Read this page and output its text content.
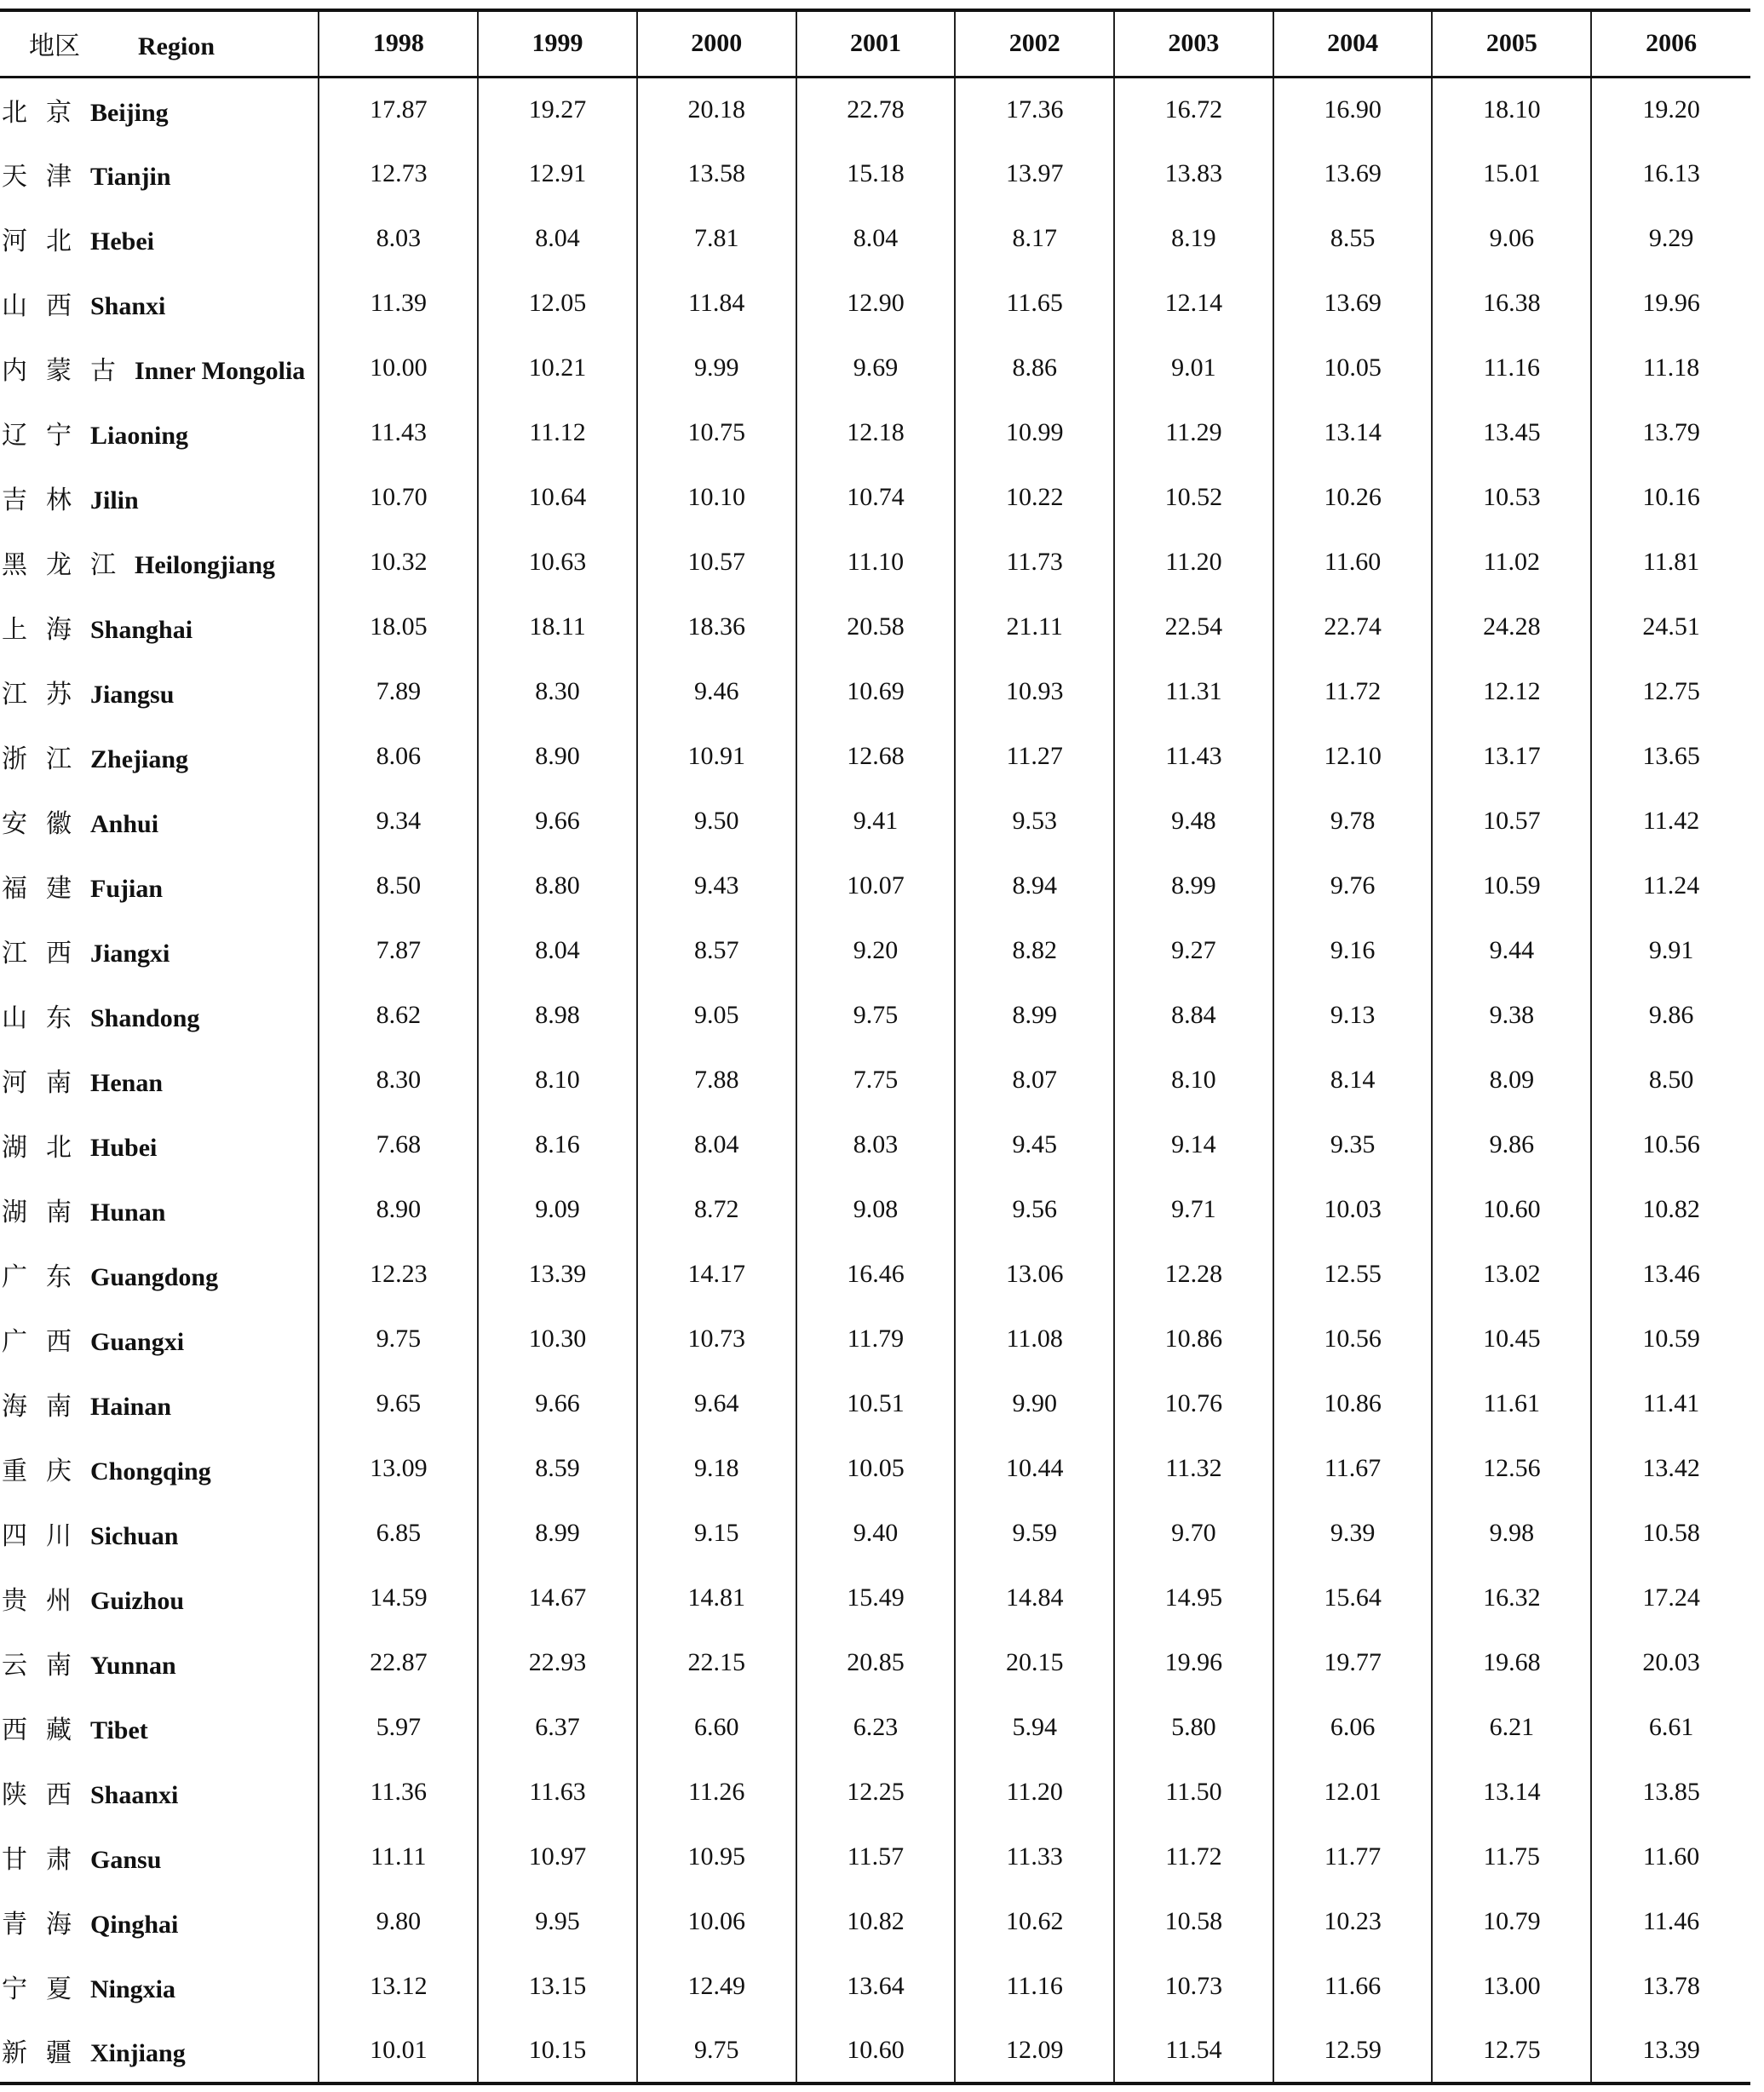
地区 Region	1998	1999	2000	2001	2002	2003	2004	2005	2006
北京Beijing	17.87	19.27	20.18	22.78	17.36	16.72	16.90	18.10	19.20
天津Tianjin	12.73	12.91	13.58	15.18	13.97	13.83	13.69	15.01	16.13
河北Hebei	8.03	8.04	7.81	8.04	8.17	8.19	8.55	9.06	9.29
山西Shanxi	11.39	12.05	11.84	12.90	11.65	12.14	13.69	16.38	19.96
内蒙古Inner Mongolia	10.00	10.21	9.99	9.69	8.86	9.01	10.05	11.16	11.18
辽宁Liaoning	11.43	11.12	10.75	12.18	10.99	11.29	13.14	13.45	13.79
吉林Jilin	10.70	10.64	10.10	10.74	10.22	10.52	10.26	10.53	10.16
黑龙江Heilongjiang	10.32	10.63	10.57	11.10	11.73	11.20	11.60	11.02	11.81
上海Shanghai	18.05	18.11	18.36	20.58	21.11	22.54	22.74	24.28	24.51
江苏Jiangsu	7.89	8.30	9.46	10.69	10.93	11.31	11.72	12.12	12.75
浙江Zhejiang	8.06	8.90	10.91	12.68	11.27	11.43	12.10	13.17	13.65
安徽Anhui	9.34	9.66	9.50	9.41	9.53	9.48	9.78	10.57	11.42
福建Fujian	8.50	8.80	9.43	10.07	8.94	8.99	9.76	10.59	11.24
江西Jiangxi	7.87	8.04	8.57	9.20	8.82	9.27	9.16	9.44	9.91
山东Shandong	8.62	8.98	9.05	9.75	8.99	8.84	9.13	9.38	9.86
河南Henan	8.30	8.10	7.88	7.75	8.07	8.10	8.14	8.09	8.50
湖北Hubei	7.68	8.16	8.04	8.03	9.45	9.14	9.35	9.86	10.56
湖南Hunan	8.90	9.09	8.72	9.08	9.56	9.71	10.03	10.60	10.82
广东Guangdong	12.23	13.39	14.17	16.46	13.06	12.28	12.55	13.02	13.46
广西Guangxi	9.75	10.30	10.73	11.79	11.08	10.86	10.56	10.45	10.59
海南Hainan	9.65	9.66	9.64	10.51	9.90	10.76	10.86	11.61	11.41
重庆Chongqing	13.09	8.59	9.18	10.05	10.44	11.32	11.67	12.56	13.42
四川Sichuan	6.85	8.99	9.15	9.40	9.59	9.70	9.39	9.98	10.58
贵州Guizhou	14.59	14.67	14.81	15.49	14.84	14.95	15.64	16.32	17.24
云南Yunnan	22.87	22.93	22.15	20.85	20.15	19.96	19.77	19.68	20.03
西藏Tibet	5.97	6.37	6.60	6.23	5.94	5.80	6.06	6.21	6.61
陕西Shaanxi	11.36	11.63	11.26	12.25	11.20	11.50	12.01	13.14	13.85
甘肃Gansu	11.11	10.97	10.95	11.57	11.33	11.72	11.77	11.75	11.60
青海Qinghai	9.80	9.95	10.06	10.82	10.62	10.58	10.23	10.79	11.46
宁夏Ningxia	13.12	13.15	12.49	13.64	11.16	10.73	11.66	13.00	13.78
新疆Xinjiang	10.01	10.15	9.75	10.60	12.09	11.54	12.59	12.75	13.39
